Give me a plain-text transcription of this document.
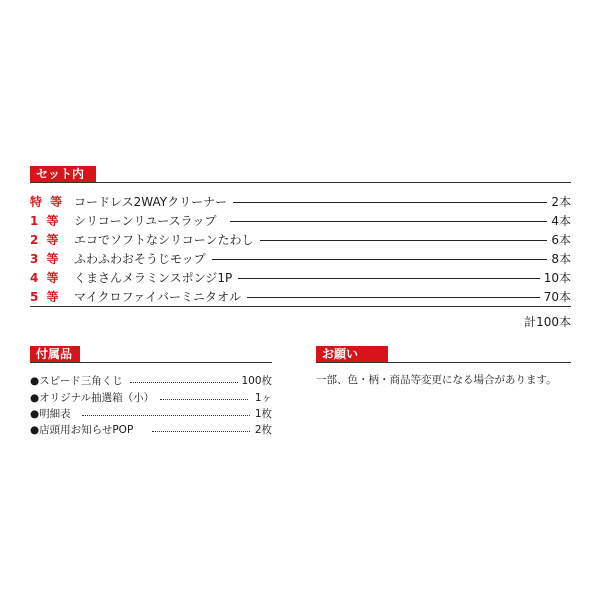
セット内容
特 等 コードレス2WAYクリーナー	2本
1 等	シリコーンリユースラップ	4本
2 等	エコでソフトなシリコーンたわし	6本
3 等	ふわふわおそうじモップ	8本
4 等	くまさんメラミンスポンジ1P	10本
5 等	マイクロファイバーミニタオル	70本
計100本
付属品
●スピード三角くじ	100枚
●オリジナル抽選箱（小）	1ヶ
●明細表	1枚
●店頭用お知らせPOP	2枚
お願い
一部、色・柄・商品等変更になる場合があります。
